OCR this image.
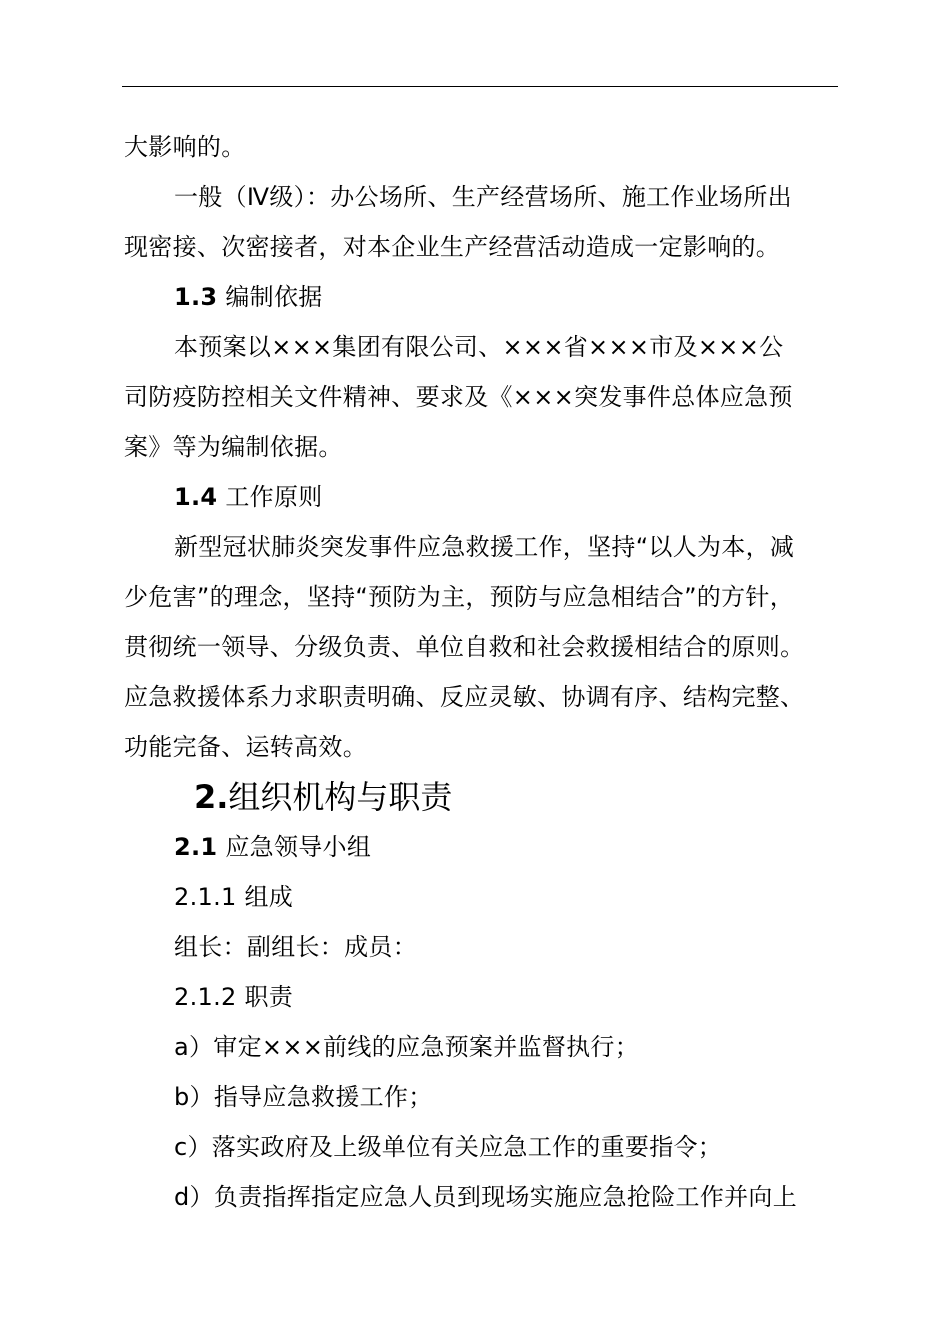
大影响的。
一般（Ⅳ级）：办公场所、生产经营场所、施工作业场所出
现密接、次密接者，对本企业生产经营活动造成一定影响的。
1.3 编制依据
本预案以×××集团有限公司、×××省×××市及×××公
司防疫防控相关文件精神、要求及《×××突发事件总体应急预
案》等为编制依据。
1.4 工作原则
新型冠状肺炎突发事件应急救援工作，坚持“以人为本，减
少危害”的理念，坚持“预防为主，预防与应急相结合”的方针，
贯彻统一领导、分级负责、单位自救和社会救援相结合的原则。
应急救援体系力求职责明确、反应灵敏、协调有序、结构完整、
功能完备、运转高效。
2.组织机构与职责
2.1 应急领导小组
2.1.1 组成
组长：副组长：成员：
2.1.2 职责
a）审定×××前线的应急预案并监督执行；
b）指导应急救援工作；
c）落实政府及上级单位有关应急工作的重要指令；
d）负责指挥指定应急人员到现场实施应急抢险工作并向上
